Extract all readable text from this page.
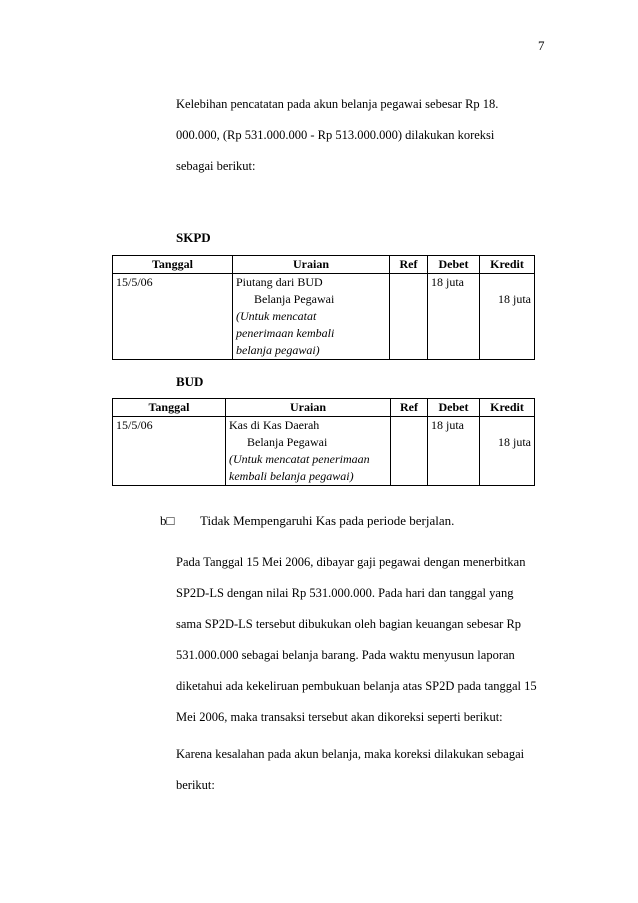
7

Kelebihan pencatatan pada akun belanja pegawai sebesar Rp 18.
000.000, (Rp 531.000.000 - Rp 513.000.000) dilakukan koreksi
sebagai berikut:

SKPD
Tanggal	Uraian	Ref	Debet	Kredit
15/5/06	Piutang dari BUD
Belanja Pegawai
(Untuk mencatat
penerimaan kembali
belanja pegawai)		18 juta	18 juta
BUD
Tanggal	Uraian	Ref	Debet	Kredit
15/5/06	Kas di Kas Daerah
Belanja Pegawai
(Untuk mencatat penerimaan
kembali belanja pegawai)		18 juta	18 juta
b□ Tidak Mempengaruhi Kas pada periode berjalan.

Pada Tanggal 15 Mei 2006, dibayar gaji pegawai dengan menerbitkan
SP2D-LS dengan nilai Rp 531.000.000. Pada hari dan tanggal yang
sama SP2D-LS tersebut dibukukan oleh bagian keuangan sebesar Rp
531.000.000 sebagai belanja barang. Pada waktu menyusun laporan
diketahui ada kekeliruan pembukuan belanja atas SP2D pada tanggal 15
Mei 2006, maka transaksi tersebut akan dikoreksi seperti berikut:

Karena kesalahan pada akun belanja, maka koreksi dilakukan sebagai
berikut:
